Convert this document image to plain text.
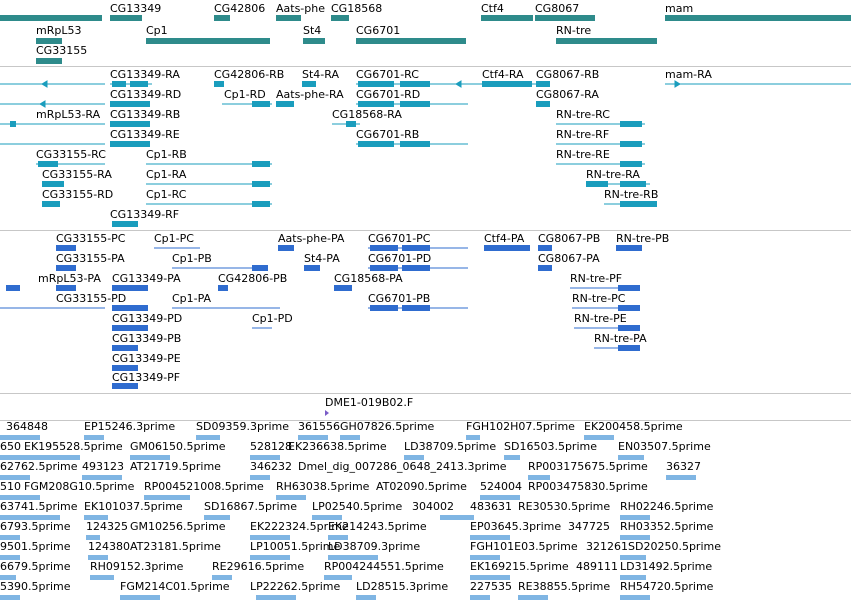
CG13349	CG42806 Aats-phe CG18568	Ctf4	CG8067	mam
mRpL53	Cp1	St4	CG6701	RN-tre
CG33155
CG13349-RA	CG42806-RB St4-RA CG6701-RC	Ctf4-RA CG8067-RB	mam-RA
CG13349-RD	Cp1-RD Aats-phe-RA CG6701-RD	CG8067-RA
mRpL53-RA CG13349-RB	CG18568-RA	RN-tre-RC
CG13349-RE	CG6701-RB	RN-tre-RF
CG33155-RC	Cp1-RB	RN-tre-RE
CG33155-RA	Cp1-RA	RN-tre-RA
CG33155-RD	Cp1-RC	RN-tre-RB
CG13349-RF
CG33155-PC	Cp1-PC	Aats-phe-PA CG6701-PC	Ctf4-PA CG8067-PB RN-tre-PB
CG33155-PA	Cp1-PB	St4-PA	CG6701-PD	CG8067-PA
mRpL53-PA CG13349-PA	CG42806-PB	CG18568-PA	RN-tre-PF
CG33155-PD	Cp1-PA	CG6701-PB	RN-tre-PC
CG13349-PD	Cp1-PD	RN-tre-PE
CG13349-PB	RN-tre-PA
CG13349-PE
CG13349-PF
DME1-019B02.F
364848	EP15246.3prime SD09359.3prime 361556 GH07826.5prime	FGH102H07.5prime EK200458.5prime
650 EK195528.5prime GM06150.5prime 528128
EK236638.5prime LD38709.5prime SD16503.5prime EN03507.5prime
62762.5prime 493123 AT21719.5prime	346232 Dmel_dig_007286_0648_2413.3prime RP003175675.5prime 36327
510 FGM208G10.5prime RP004521008.5prime RH63038.5prime AT02090.5prime 524004 RP003475830.5prime
63741.5prime EK101037.5prime SD16867.5prime LP02540.5prime 304002 483631 RE30530.5prime RH02246.5prime
6793.5prime 124325 GM10256.5prime EK222324.5prime
EK214243.5prime	EP03645.3prime 347725 RH03352.5prime
9501.5prime 124380 AT23181.5prime	LP10051.5prime
LD38709.3prime	FGH101E03.5prime 321261 SD20250.5prime
6679.5prime RH09152.3prime	RE29616.5prime RP004244551.5prime EK169215.5prime 489111 LD31492.5prime
5390.5prime	FGM214C01.5prime LP22262.5prime LD28515.3prime 227535 RE38855.5prime RH54720.5prime
